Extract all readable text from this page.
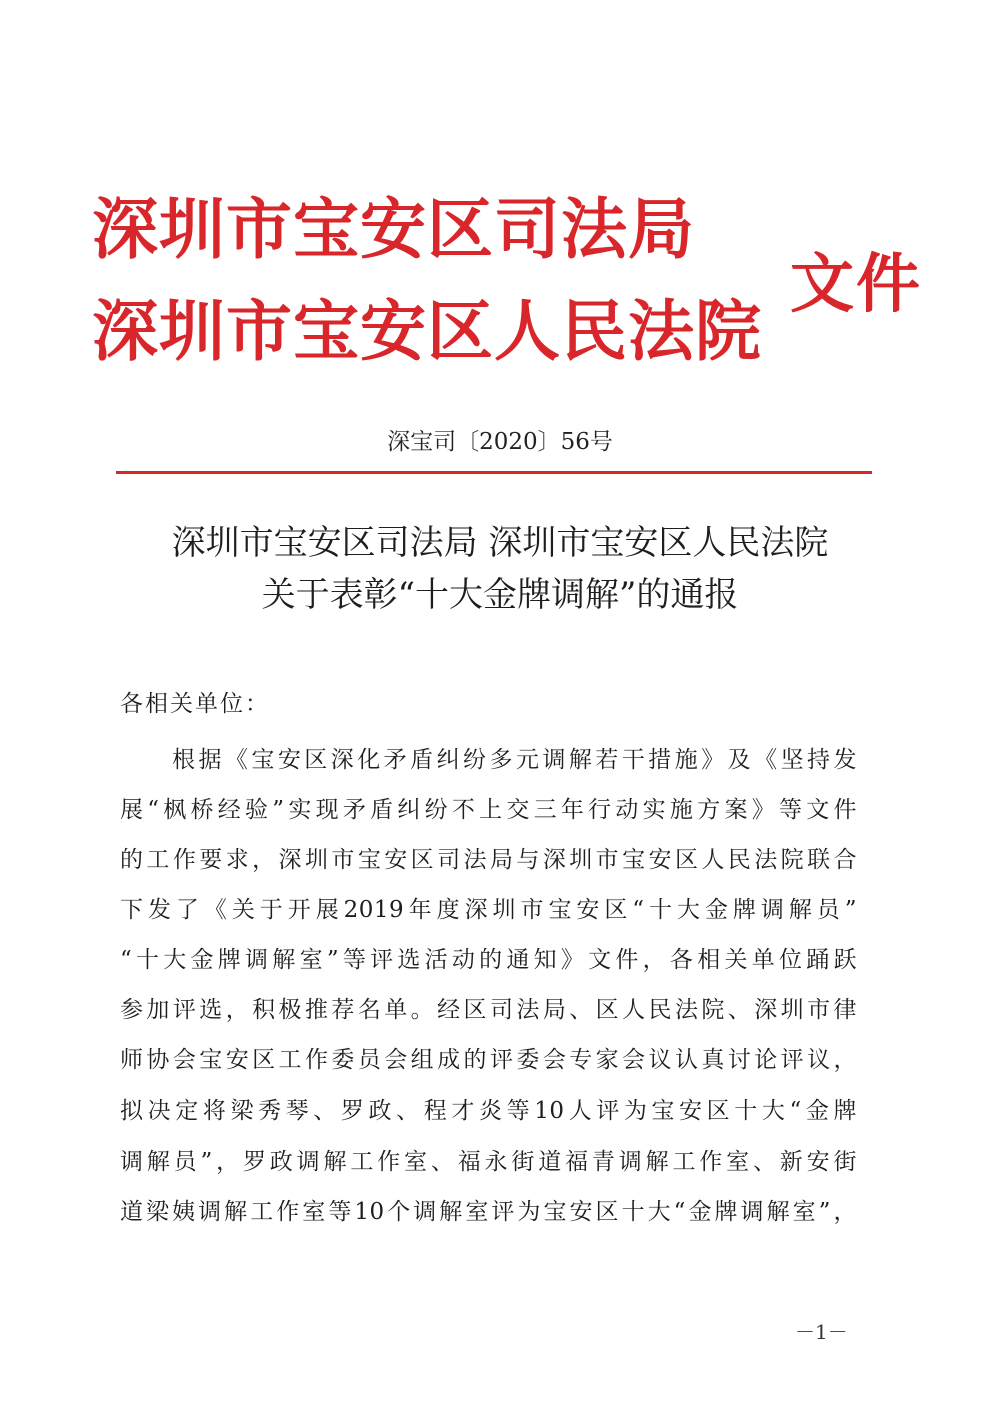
深圳市宝安区司法局
深圳市宝安区人民法院
文件
深宝司〔2020〕56号
深圳市宝安区司法局 深圳市宝安区人民法院
关于表彰“十大金牌调解”的通报
各相关单位：
根据《宝安区深化矛盾纠纷多元调解若干措施》及《坚持发
展“枫桥经验”实现矛盾纠纷不上交三年行动实施方案》等文件
的工作要求，深圳市宝安区司法局与深圳市宝安区人民法院联合
下发了《关于开展2019年度深圳市宝安区“十大金牌调解员”
“十大金牌调解室”等评选活动的通知》文件，各相关单位踊跃
参加评选，积极推荐名单。经区司法局、区人民法院、深圳市律
师协会宝安区工作委员会组成的评委会专家会议认真讨论评议，
拟决定将梁秀琴、罗政、程才炎等10人评为宝安区十大“金牌
调解员”，罗政调解工作室、福永街道福青调解工作室、新安街
道梁姨调解工作室等10个调解室评为宝安区十大“金牌调解室”，
－1－
